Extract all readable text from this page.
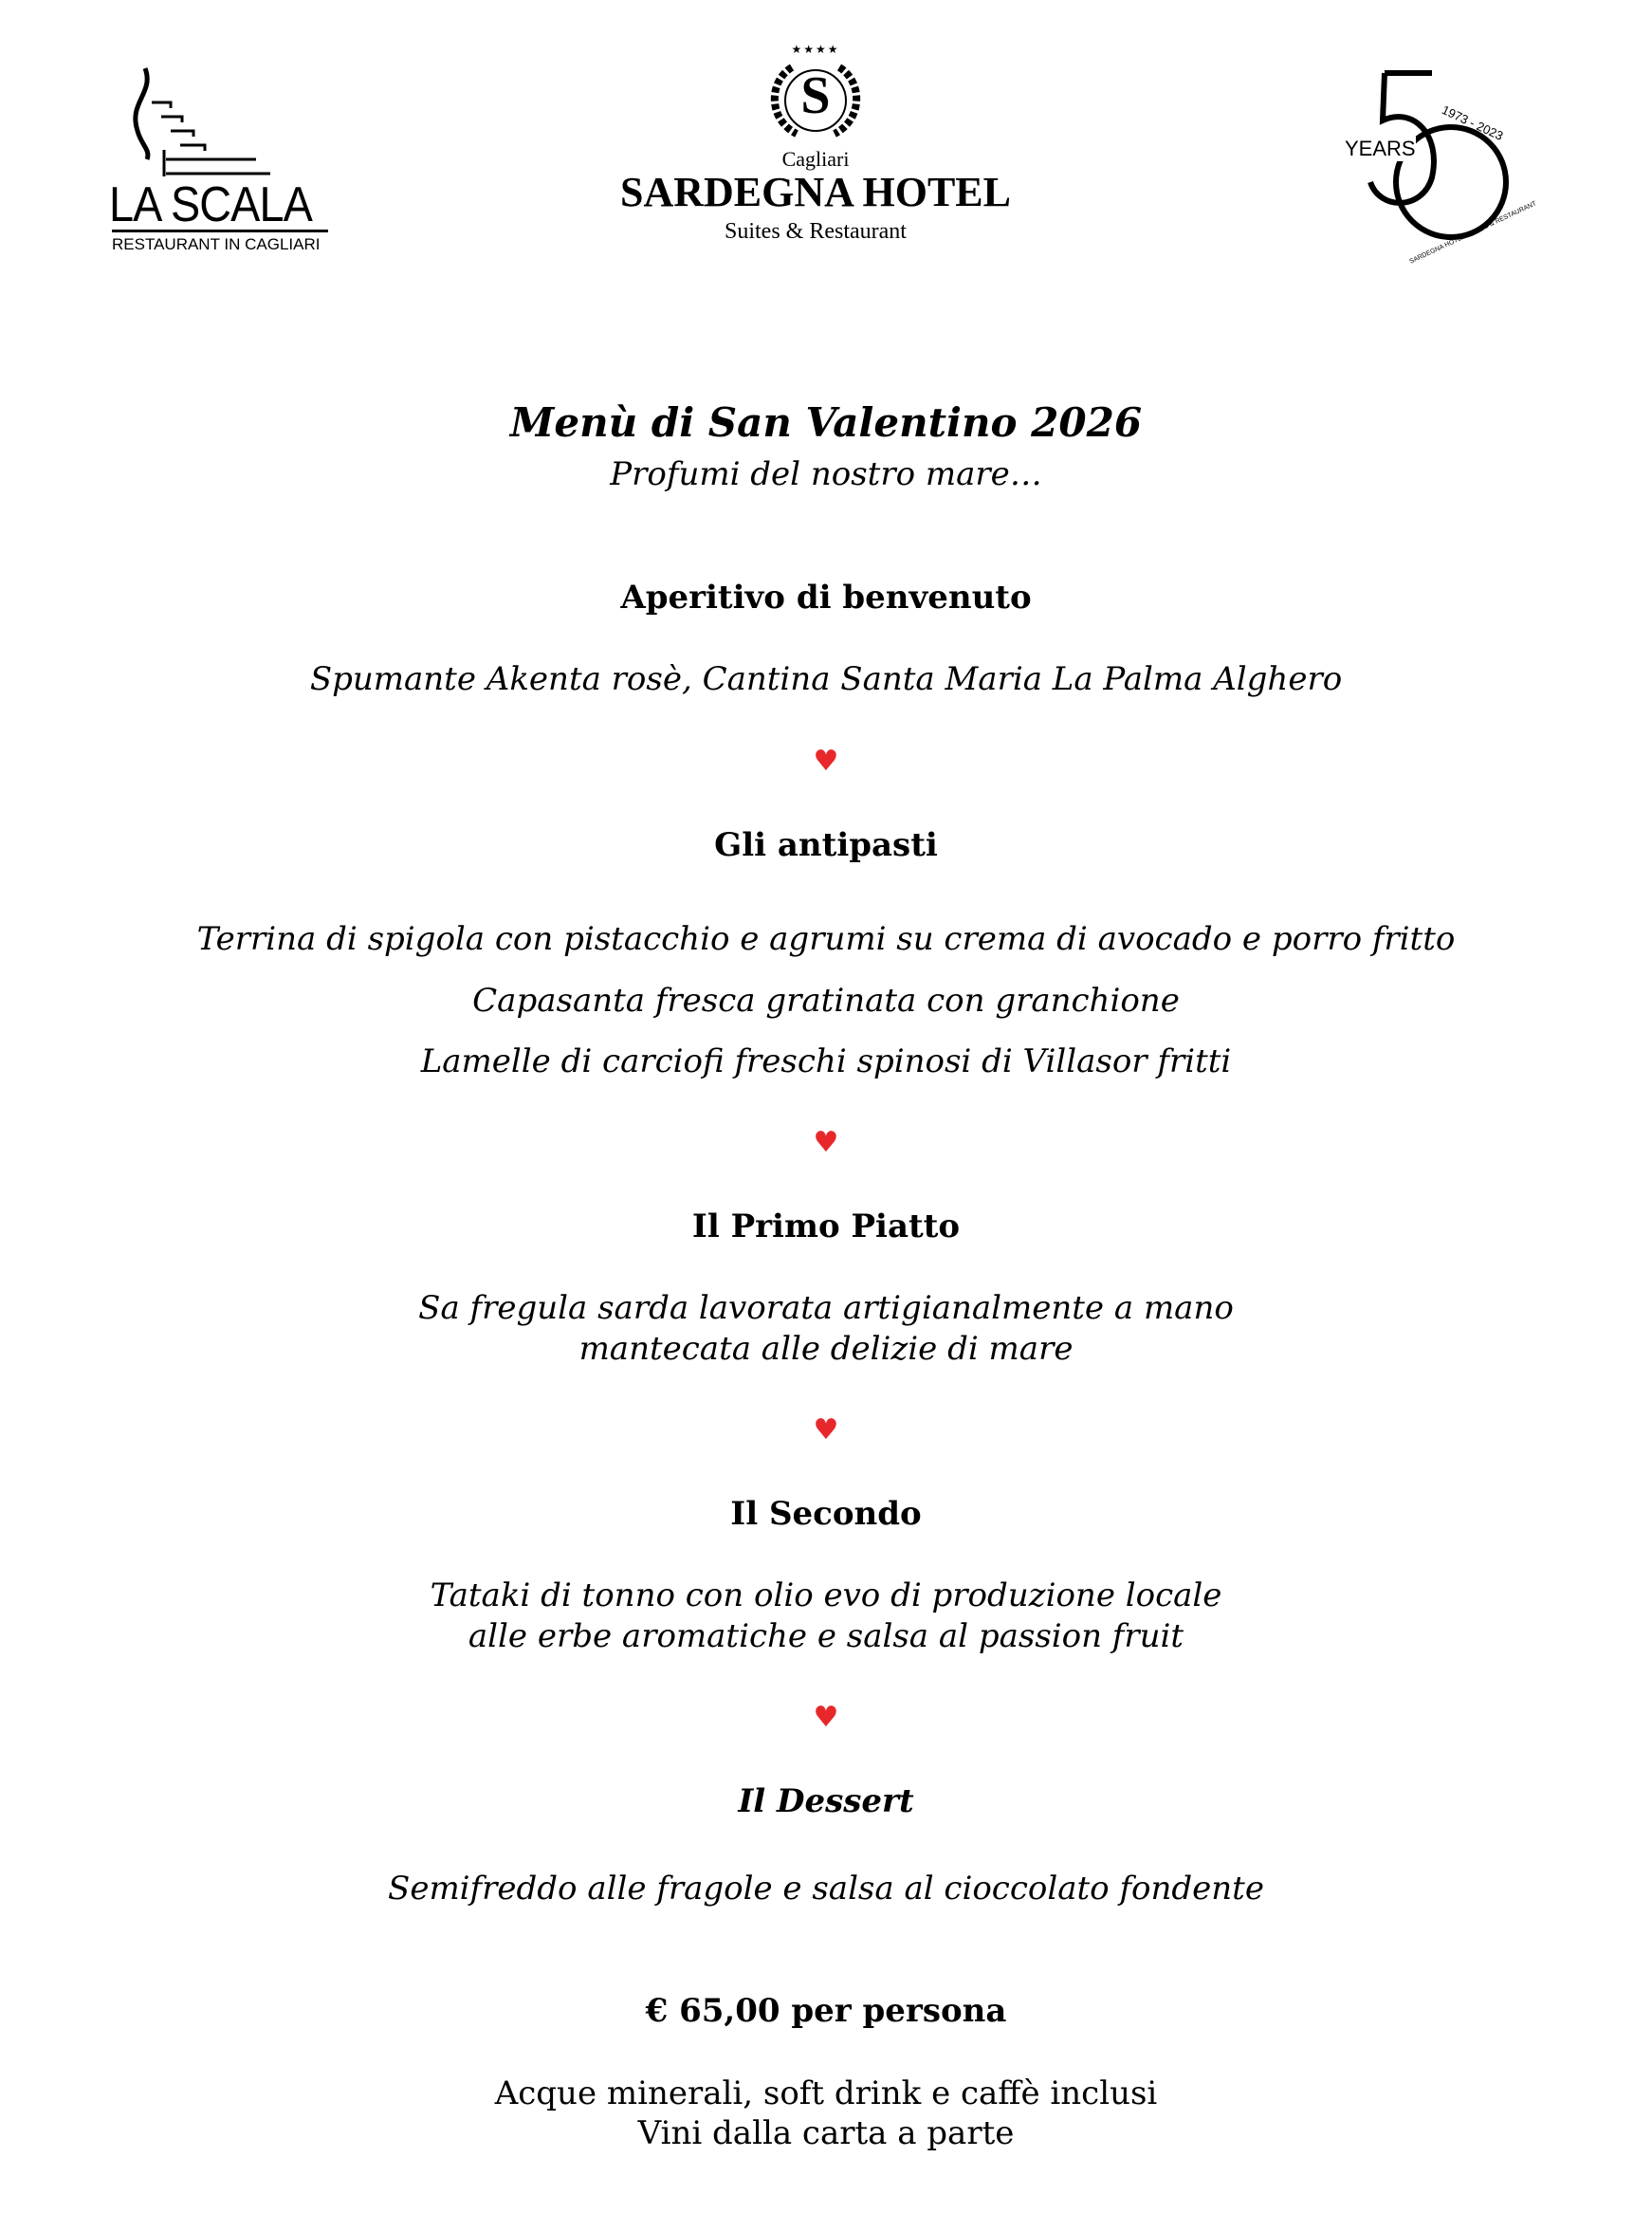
LA SCALA
RESTAURANT IN CAGLIARI
★★★★
S
Cagliari
SARDEGNA HOTEL
Suites & Restaurant
YEARS
1973 - 2023
SARDEGNA HOTEL SUITES & RESTAURANT
Menù di San Valentino 2026
Profumi del nostro mare…
Aperitivo di benvenuto
Spumante Akenta rosè, Cantina Santa Maria La Palma Alghero
♥
Gli antipasti
Terrina di spigola con pistacchio e agrumi su crema di avocado e porro fritto
Capasanta fresca gratinata con granchione
Lamelle di carciofi freschi spinosi di Villasor fritti
♥
Il Primo Piatto
Sa fregula sarda lavorata artigianalmente a mano
mantecata alle delizie di mare
♥
Il Secondo
Tataki di tonno con olio evo di produzione locale
alle erbe aromatiche e salsa al passion fruit
♥
Il Dessert
Semifreddo alle fragole e salsa al cioccolato fondente
€ 65,00 per persona
Acque minerali, soft drink e caffè inclusi
Vini dalla carta a parte
